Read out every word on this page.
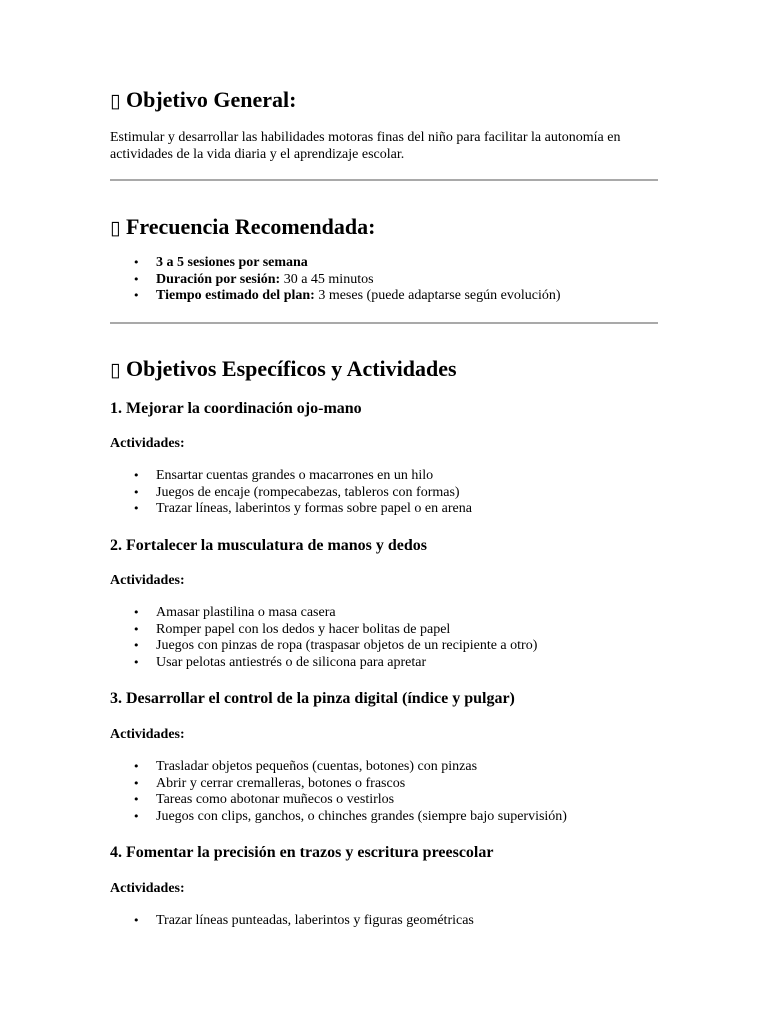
▯ Objetivo General:

Estimular y desarrollar las habilidades motoras finas del niño para facilitar la autonomía en actividades de la vida diaria y el aprendizaje escolar.

▯ Frecuencia Recomendada:
• 3 a 5 sesiones por semana
• Duración por sesión: 30 a 45 minutos
• Tiempo estimado del plan: 3 meses (puede adaptarse según evolución)
▯ Objetivos Específicos y Actividades
1. Mejorar la coordinación ojo-mano

Actividades:

• Ensartar cuentas grandes o macarrones en un hilo
• Juegos de encaje (rompecabezas, tableros con formas)
• Trazar líneas, laberintos y formas sobre papel o en arena
2. Fortalecer la musculatura de manos y dedos

Actividades:

• Amasar plastilina o masa casera
• Romper papel con los dedos y hacer bolitas de papel
• Juegos con pinzas de ropa (traspasar objetos de un recipiente a otro)
• Usar pelotas antiestrés o de silicona para apretar
3. Desarrollar el control de la pinza digital (índice y pulgar)

Actividades:

• Trasladar objetos pequeños (cuentas, botones) con pinzas
• Abrir y cerrar cremalleras, botones o frascos
• Tareas como abotonar muñecos o vestirlos
• Juegos con clips, ganchos, o chinches grandes (siempre bajo supervisión)
4. Fomentar la precisión en trazos y escritura preescolar

Actividades:

• Trazar líneas punteadas, laberintos y figuras geométricas
